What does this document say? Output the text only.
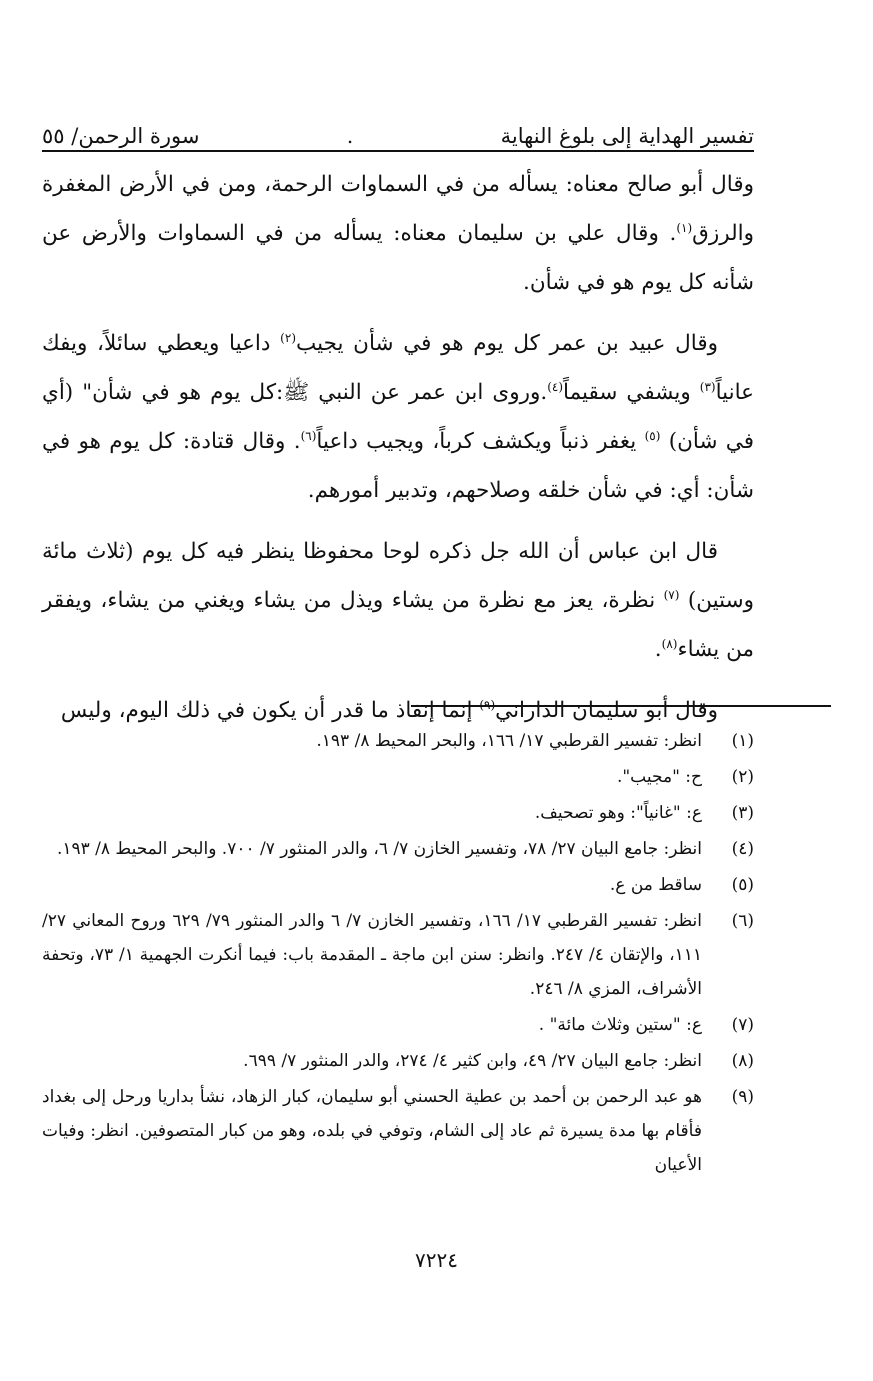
تفسير الهداية إلى بلوغ النهاية
.
سورة الرحمن/ ٥٥

وقال أبو صالح معناه: يسأله من في السماوات الرحمة، ومن في الأرض المغفرة والرزق$^{(١)}$. وقال علي بن سليمان معناه: يسأله من في السماوات والأرض عن شأنه كل يوم هو في شأن.

وقال عبيد بن عمر كل يوم هو في شأن يجيب$^{(٢)}$ داعيا ويعطي سائلاً، ويفك عانياً$^{(٣)}$ ويشفي سقيماً$^{(٤)}$.وروى ابن عمر عن النبي ﷺ:كل يوم هو في شأن" (أي في شأن) $^{(٥)}$ يغفر ذنباً ويكشف كرباً، ويجيب داعياً$^{(٦)}$. وقال قتادة: كل يوم هو في شأن: أي: في شأن خلقه وصلاحهم، وتدبير أمورهم.

قال ابن عباس أن الله جل ذكره لوحا محفوظا ينظر فيه كل يوم (ثلاث مائة وستين) $^{(٧)}$ نظرة، يعز مع نظرة من يشاء ويذل من يشاء ويغني من يشاء، ويفقر من يشاء$^{(٨)}$.

وقال أبو سليمان الداراني$^{(٩)}$ إنما إنفاذ ما قدر أن يكون في ذلك اليوم، وليس

(١)
انظر: تفسير القرطبي ١٧/ ١٦٦، والبحر المحيط ٨/ ١٩٣.
(٢)
ح: "مجيب".
(٣)
ع: "غانياً": وهو تصحيف.
(٤)
انظر: جامع البيان ٢٧/ ٧٨، وتفسير الخازن ٧/ ٦، والدر المنثور ٧/ ٧٠٠. والبحر المحيط ٨/ ١٩٣.
(٥)
ساقط من ع.
(٦)
انظر: تفسير القرطبي ١٧/ ١٦٦، وتفسير الخازن ٧/ ٦ والدر المنثور ٧٩/ ٦٢٩ وروح المعاني ٢٧/ ١١١، والإتقان ٤/ ٢٤٧. وانظر: سنن ابن ماجة ـ المقدمة باب: فيما أنكرت الجهمية ١/ ٧٣، وتحفة الأشراف، المزي ٨/ ٢٤٦.
(٧)
ع: "ستين وثلاث مائة" .
(٨)
انظر: جامع البيان ٢٧/ ٤٩، وابن كثير ٤/ ٢٧٤، والدر المنثور ٧/ ٦٩٩.
(٩)
هو عبد الرحمن بن أحمد بن عطية الحسني أبو سليمان، كبار الزهاد، نشأ بداريا ورحل إلى بغداد فأقام بها مدة يسيرة ثم عاد إلى الشام، وتوفي في بلده، وهو من كبار المتصوفين. انظر: وفيات الأعيان
٧٢٢٤
